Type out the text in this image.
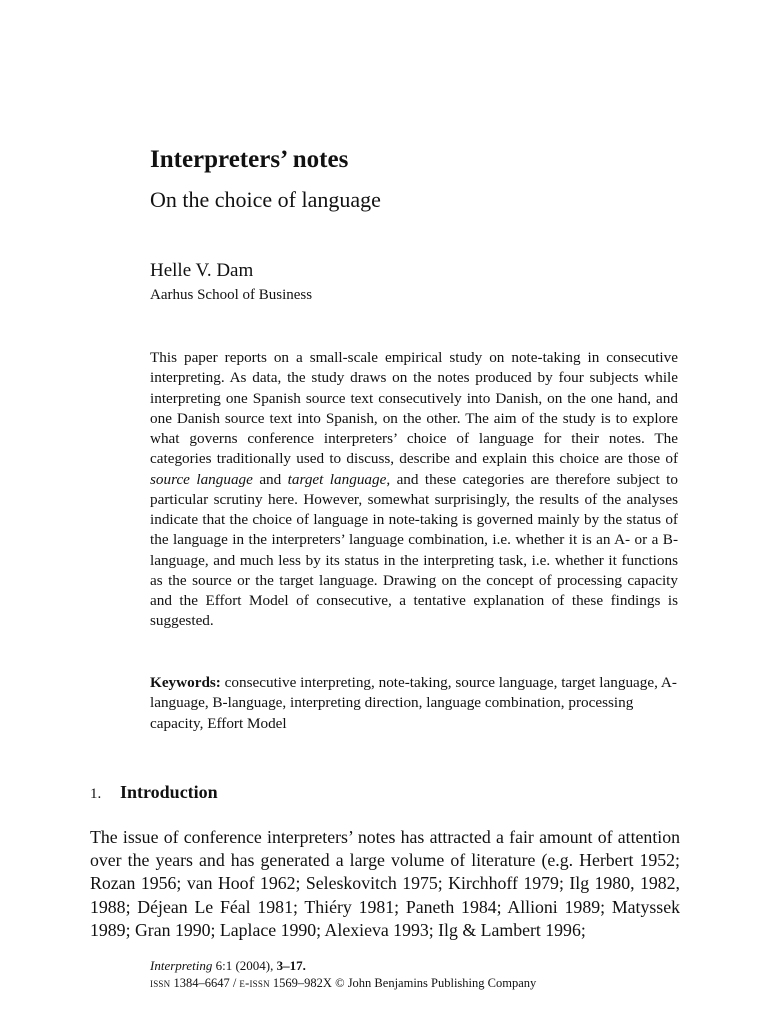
Interpreters’ notes
On the choice of language
Helle V. Dam
Aarhus School of Business

This paper reports on a small-scale empirical study on note-taking in consecutive interpreting. As data, the study draws on the notes produced by four subjects while interpreting one Spanish source text consecutively into Danish, on the one hand, and one Danish source text into Spanish, on the other. The aim of the study is to explore what governs conference interpreters’ choice of language for their notes. The categories traditionally used to discuss, describe and explain this choice are those of source language and target language, and these categories are therefore subject to particular scrutiny here. However, somewhat surprisingly, the results of the analyses indicate that the choice of language in note-taking is governed mainly by the status of the language in the interpreters’ language combination, i.e. whether it is an A- or a B-language, and much less by its status in the interpreting task, i.e. whether it functions as the source or the target language. Drawing on the concept of processing capacity and the Effort Model of consecutive, a tentative explanation of these findings is suggested.

Keywords: consecutive interpreting, note-taking, source language, target language, A-language, B-language, interpreting direction, language combination, processing capacity, Effort Model

1. Introduction

The issue of conference interpreters’ notes has attracted a fair amount of attention over the years and has generated a large volume of literature (e.g. Herbert 1952; Rozan 1956; van Hoof 1962; Seleskovitch 1975; Kirchhoff 1979; Ilg 1980, 1982, 1988; Déjean Le Féal 1981; Thiéry 1981; Paneth 1984; Allioni 1989; Matyssek 1989; Gran 1990; Laplace 1990; Alexieva 1993; Ilg & Lambert 1996;

Interpreting 6:1 (2004), 3–17.
issn 1384–6647 / e-issn 1569–982X © John Benjamins Publishing Company
